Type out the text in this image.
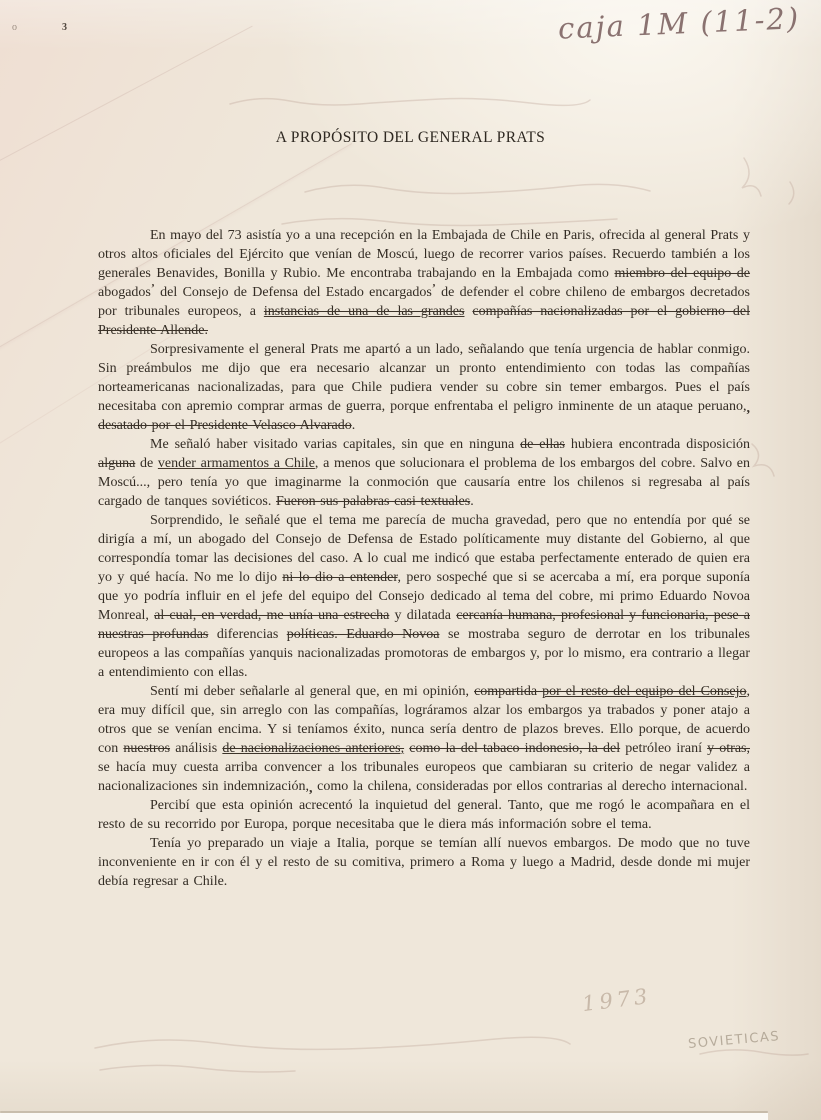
o	3	caja 1M (11-2)
A PROPÓSITO DEL GENERAL PRATS

En mayo del 73 asistía yo a una recepción en la Embajada de Chile en Paris, ofrecida al general Prats y otros altos oficiales del Ejército que venían de Moscú, luego de recorrer varios países. Recuerdo también a los generales Benavides, Bonilla y Rubio. Me encontraba trabajando en la Embajada como miembro del equipo de abogadosʼ del Consejo de Defensa del Estado encargadosʼ de defender el cobre chileno de embargos decretados por tribunales europeos, a instancias de una de las grandes compañías nacionalizadas por el gobierno del Presidente Allende.

Sorpresivamente el general Prats me apartó a un lado, señalando que tenía urgencia de hablar conmigo. Sin preámbulos me dijo que era necesario alcanzar un pronto entendimiento con todas las compañías norteamericanas nacionalizadas, para que Chile pudiera vender su cobre sin temer embargos. Pues el país necesitaba con apremio comprar armas de guerra, porque enfrentaba el peligro inminente de un ataque peruano,, desatado por el Presidente Velasco Alvarado.

Me señaló haber visitado varias capitales, sin que en ninguna de ellas hubiera encontrada disposición alguna de vender armamentos a Chile, a menos que solucionara el problema de los embargos del cobre. Salvo en Moscú..., pero tenía yo que imaginarme la conmoción que causaría entre los chilenos si regresaba al país cargado de tanques soviéticos. Fueron sus palabras casi textuales.

Sorprendido, le señalé que el tema me parecía de mucha gravedad, pero que no entendía por qué se dirigía a mí, un abogado del Consejo de Defensa de Estado políticamente muy distante del Gobierno, al que correspondía tomar las decisiones del caso. A lo cual me indicó que estaba perfectamente enterado de quien era yo y qué hacía. No me lo dijo ni lo dio a entender, pero sospeché que si se acercaba a mí, era porque suponía que yo podría influir en el jefe del equipo del Consejo dedicado al tema del cobre, mi primo Eduardo Novoa Monreal, al cual, en verdad, me unía una estrecha y dilatada cercanía humana, profesional y funcionaria, pese a nuestras profundas diferencias políticas. Eduardo Novoa se mostraba seguro de derrotar en los tribunales europeos a las compañías yanquis nacionalizadas promotoras de embargos y, por lo mismo, era contrario a llegar a entendimiento con ellas.

Sentí mi deber señalarle al general que, en mi opinión, compartida por el resto del equipo del Consejo, era muy difícil que, sin arreglo con las compañías, lográramos alzar los embargos ya trabados y poner atajo a otros que se venían encima. Y si teníamos éxito, nunca sería dentro de plazos breves. Ello porque, de acuerdo con nuestros análisis de nacionalizaciones anteriores, como la del tabaco indonesio, la del petróleo iraní y otras, se hacía muy cuesta arriba convencer a los tribunales europeos que cambiaran su criterio de negar validez a nacionalizaciones sin indemnización,, como la chilena, consideradas por ellos contrarias al derecho internacional.

Percibí que esta opinión acrecentó la inquietud del general. Tanto, que me rogó le acompañara en el resto de su recorrido por Europa, porque necesitaba que le diera más información sobre el tema.

Tenía yo preparado un viaje a Italia, porque se temían allí nuevos embargos. De modo que no tuve inconveniente en ir con él y el resto de su comitiva, primero a Roma y luego a Madrid, desde donde mi mujer debía regresar a Chile.

1973
SOVIETICAS
